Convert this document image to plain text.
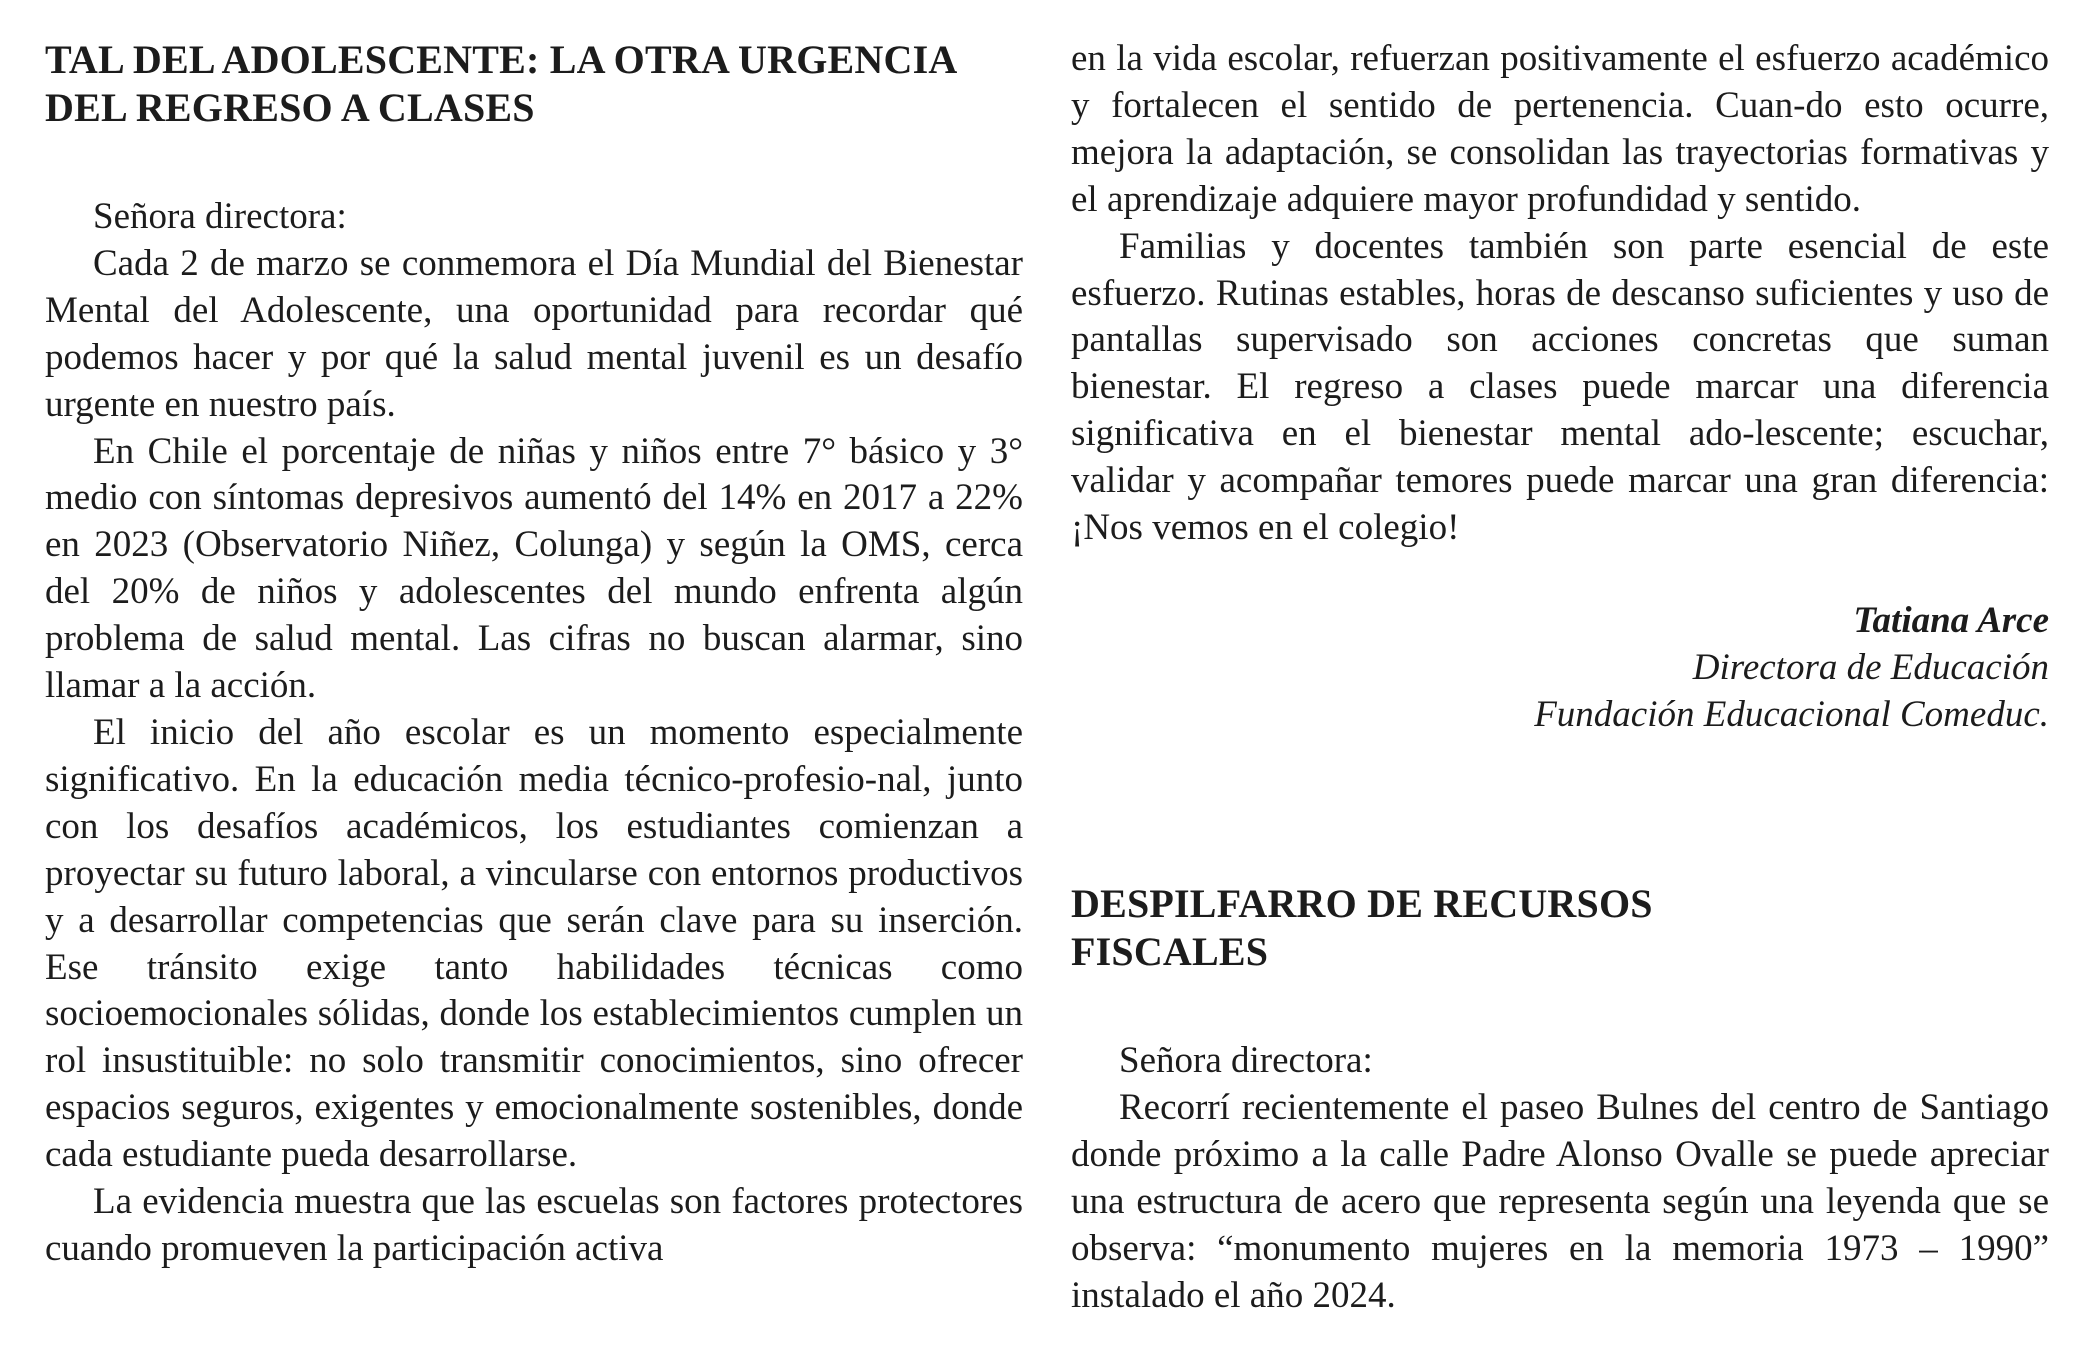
TAL DEL ADOLESCENTE: LA OTRA URGENCIA
DEL REGRESO A CLASES

Señora directora:

Cada 2 de marzo se conmemora el Día Mundial del Bienestar Mental del Adolescente, una oportunidad para recordar qué podemos hacer y por qué la salud mental juvenil es un desafío urgente en nuestro país.

En Chile el porcentaje de niñas y niños entre 7° básico y 3° medio con síntomas depresivos aumentó del 14% en 2017 a 22% en 2023 (Observatorio Niñez, Colunga) y según la OMS, cerca del 20% de niños y adolescentes del mundo enfrenta algún problema de salud mental. Las cifras no buscan alarmar, sino llamar a la acción.

El inicio del año escolar es un momento especialmente significativo. En la educación media técnico-profesio-nal, junto con los desafíos académicos, los estudiantes comienzan a proyectar su futuro laboral, a vincularse con entornos productivos y a desarrollar competencias que serán clave para su inserción. Ese tránsito exige tanto habilidades técnicas como socioemocionales sólidas, donde los establecimientos cumplen un rol insustituible: no solo transmitir conocimientos, sino ofrecer espacios seguros, exigentes y emocionalmente sostenibles, donde cada estudiante pueda desarrollarse.

La evidencia muestra que las escuelas son factores protectores cuando promueven la participación activa

en la vida escolar, refuerzan positivamente el esfuerzo académico y fortalecen el sentido de pertenencia. Cuan-do esto ocurre, mejora la adaptación, se consolidan las trayectorias formativas y el aprendizaje adquiere mayor profundidad y sentido.

Familias y docentes también son parte esencial de este esfuerzo. Rutinas estables, horas de descanso suficientes y uso de pantallas supervisado son acciones concretas que suman bienestar. El regreso a clases puede marcar una diferencia significativa en el bienestar mental ado-lescente; escuchar, validar y acompañar temores puede marcar una gran diferencia: ¡Nos vemos en el colegio!

Tatiana Arce
Directora de Educación
Fundación Educacional Comeduc.
DESPILFARRO DE RECURSOS
FISCALES

Señora directora:

Recorrí recientemente el paseo Bulnes del centro de Santiago donde próximo a la calle Padre Alonso Ovalle se puede apreciar una estructura de acero que representa según una leyenda que se observa: “monumento mujeres en la memoria 1973 – 1990” instalado el año 2024.
